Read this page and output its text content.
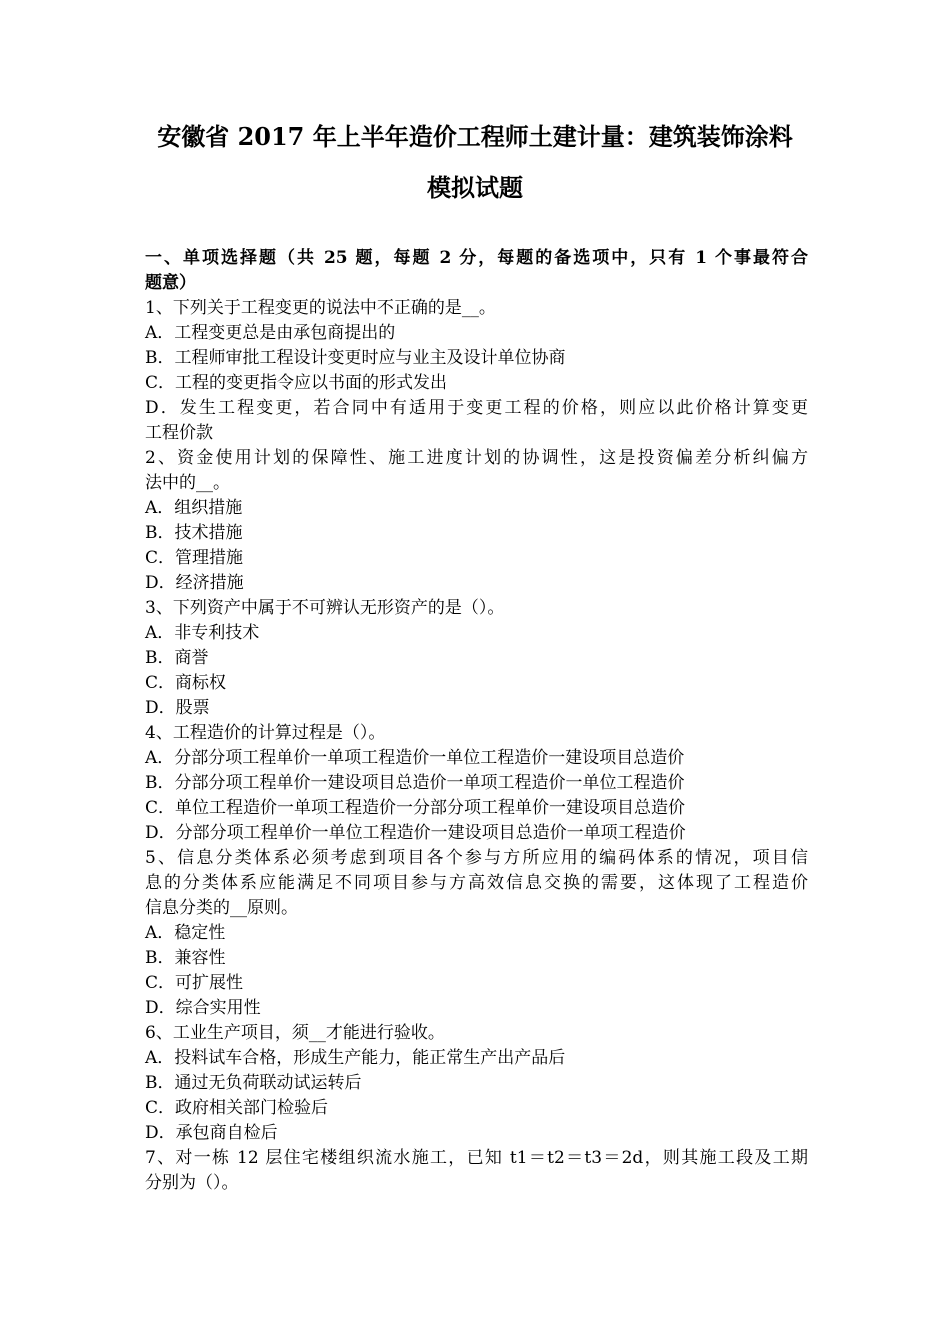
安徽省 2017 年上半年造价工程师土建计量：建筑装饰涂料
模拟试题
一、单项选择题（共 25 题，每题 2 分，每题的备选项中，只有 1 个事最符合
题意）
1、下列关于工程变更的说法中不正确的是__。
A．工程变更总是由承包商提出的
B．工程师审批工程设计变更时应与业主及设计单位协商
C．工程的变更指令应以书面的形式发出
D．发生工程变更，若合同中有适用于变更工程的价格，则应以此价格计算变更
工程价款
2、资金使用计划的保障性、施工进度计划的协调性，这是投资偏差分析纠偏方
法中的__。
A．组织措施
B．技术措施
C．管理措施
D．经济措施
3、下列资产中属于不可辨认无形资产的是（）。
A．非专利技术
B．商誉
C．商标权
D．股票
4、工程造价的计算过程是（）。
A．分部分项工程单价一单项工程造价一单位工程造价一建设项目总造价
B．分部分项工程单价一建设项目总造价一单项工程造价一单位工程造价
C．单位工程造价一单项工程造价一分部分项工程单价一建设项目总造价
D．分部分项工程单价一单位工程造价一建设项目总造价一单项工程造价
5、信息分类体系必须考虑到项目各个参与方所应用的编码体系的情况，项目信
息的分类体系应能满足不同项目参与方高效信息交换的需要，这体现了工程造价
信息分类的__原则。
A．稳定性
B．兼容性
C．可扩展性
D．综合实用性
6、工业生产项目，须__才能进行验收。
A．投料试车合格，形成生产能力，能正常生产出产品后
B．通过无负荷联动试运转后
C．政府相关部门检验后
D．承包商自检后
7、对一栋 12 层住宅楼组织流水施工，已知 t1＝t2＝t3＝2d，则其施工段及工期
分别为（）。
